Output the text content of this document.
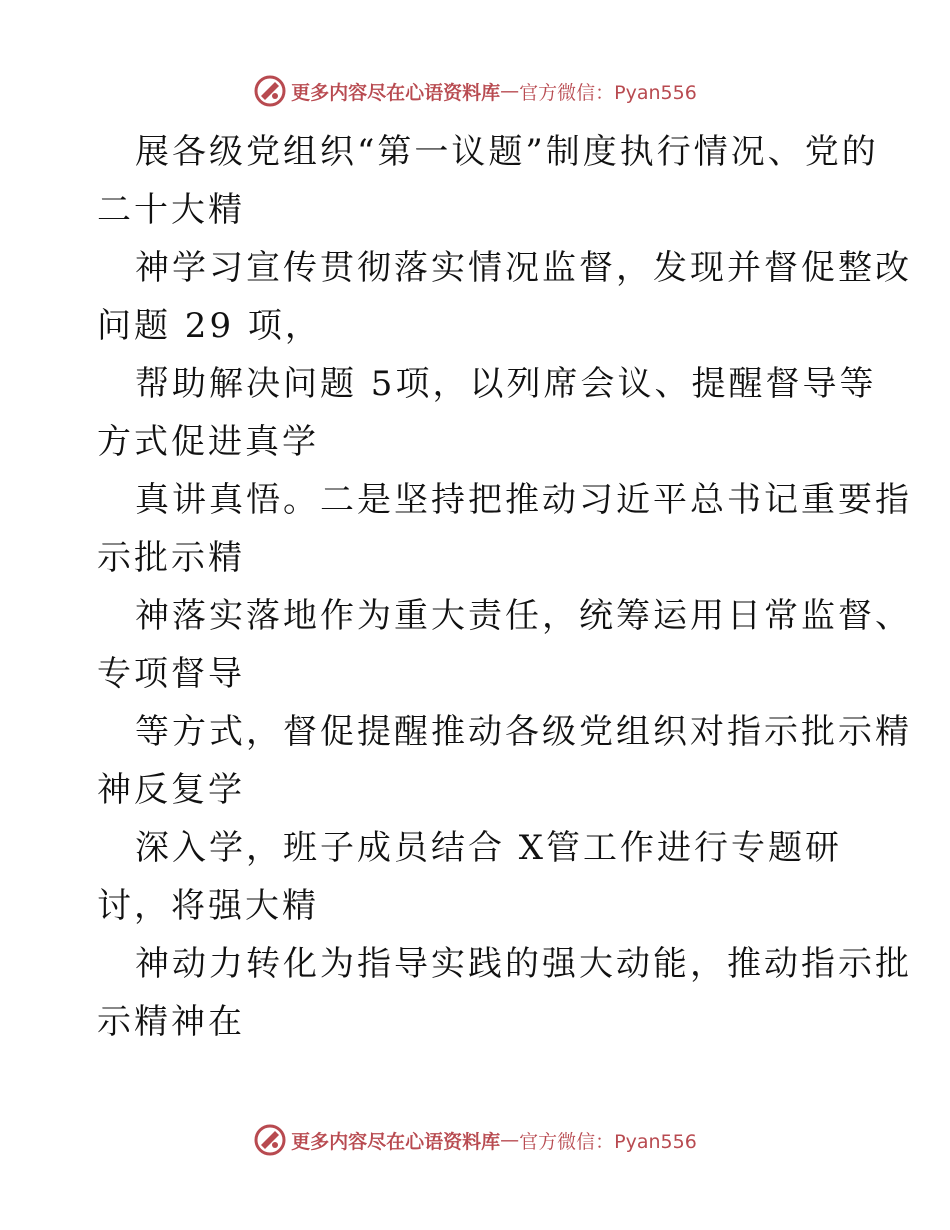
更多内容尽在心语资料库 — 官方微信：Pyan556
展各级党组织“第一议题”制度执行情况、党的
二十大精
神学习宣传贯彻落实情况监督，发现并督促整改
问题 29 项，
帮助解决问题 5项，以列席会议、提醒督导等
方式促进真学
真讲真悟。二是坚持把推动习近平总书记重要指
示批示精
神落实落地作为重大责任，统筹运用日常监督、
专项督导
等方式，督促提醒推动各级党组织对指示批示精
神反复学
深入学，班子成员结合 X管工作进行专题研
讨，将强大精
神动力转化为指导实践的强大动能，推动指示批
示精神在
更多内容尽在心语资料库 — 官方微信：Pyan556
